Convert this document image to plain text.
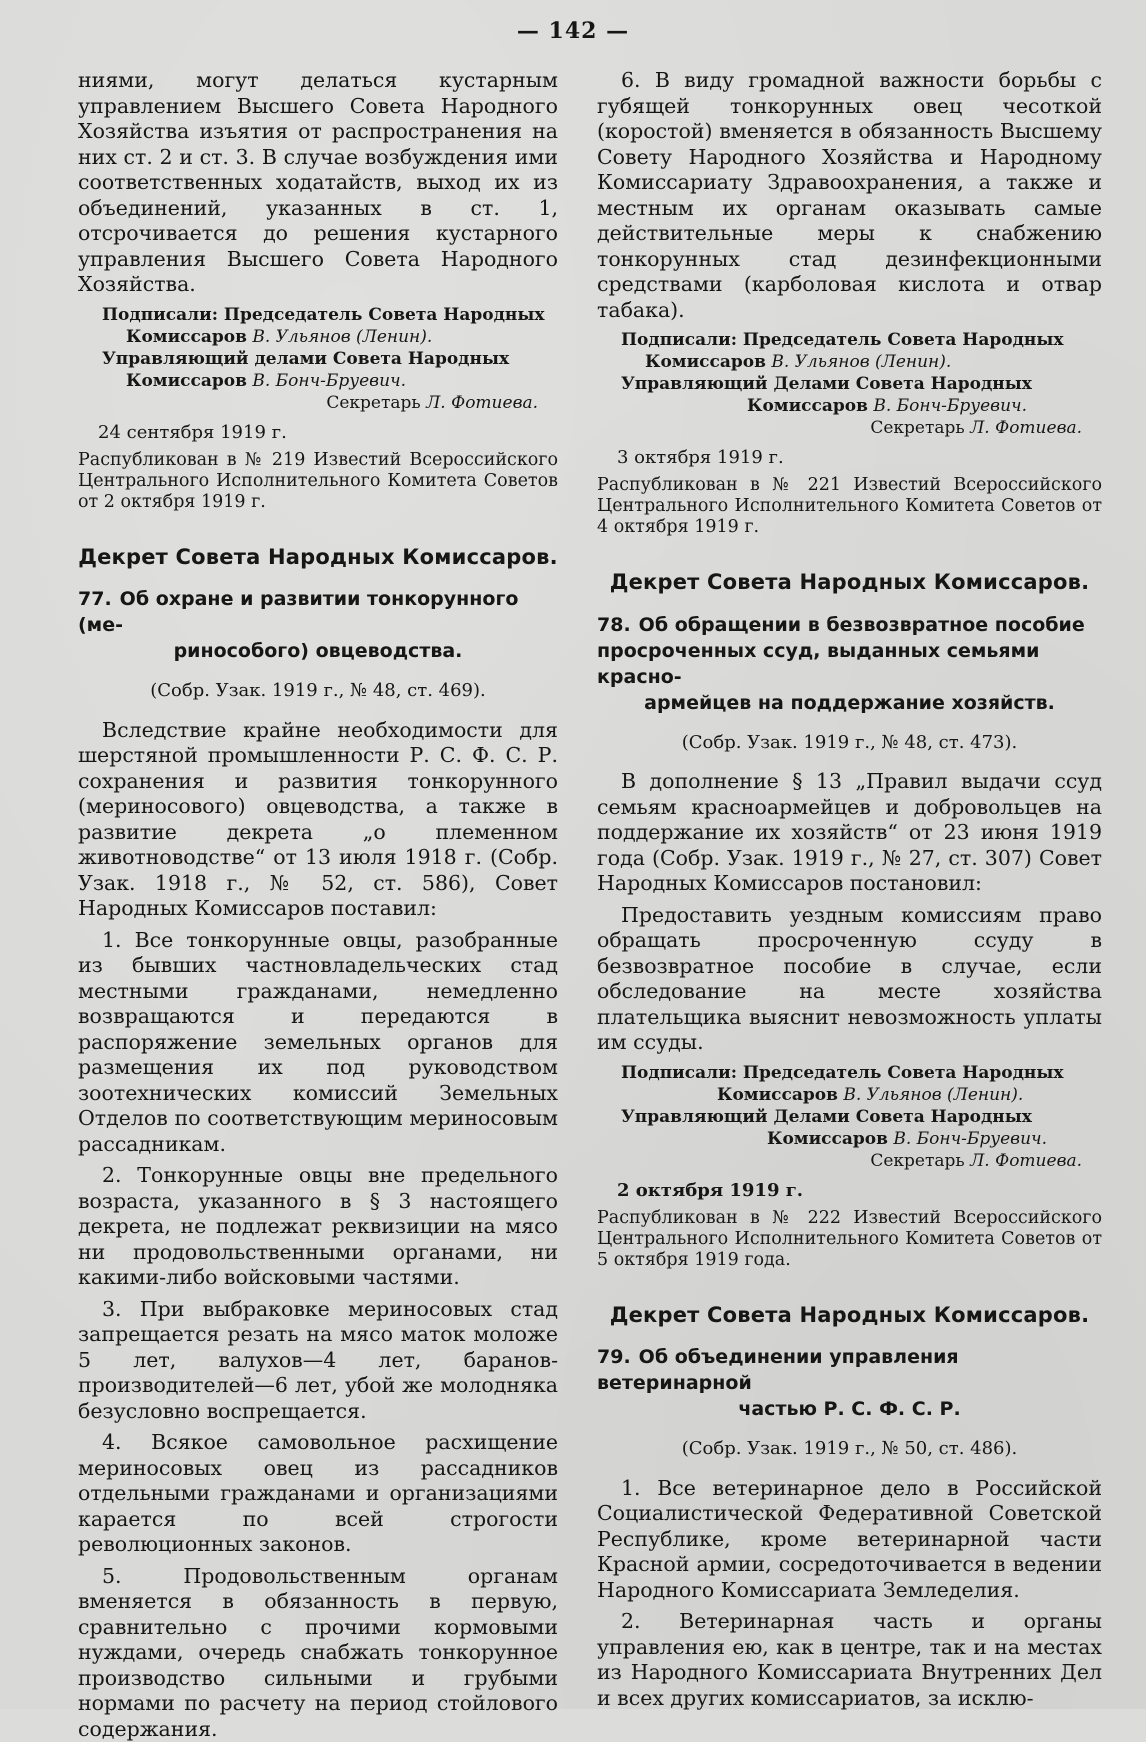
— 142 —

ниями, могут делаться кустарным управлением Высшего Совета Народного Хозяйства изъятия от распространения на них ст. 2 и ст. 3. В случае возбуждения ими соответственных ходатайств, выход их из объединений, указанных в ст. 1, отсрочивается до решения кустарного управления Высшего Совета Народного Хозяйства.

Подписали: Председатель Совета Народных
Комиссаров В. Ульянов (Ленин).
Управляющий делами Совета Народных
Комиссаров В. Бонч-Бруевич.
Секретарь Л. Фотиева.

24 сентября 1919 г.

Распубликован в № 219 Известий Всероссийского Центрального Исполнительного Комитета Советов от 2 октября 1919 г.

Декрет Совета Народных Комиссаров.
77. Об охране и развитии тонкорунного (ме-
ринособого) овцеводства.
(Собр. Узак. 1919 г., № 48, ст. 469).

Вследствие крайне необходимости для шерстяной промышленности Р. С. Ф. С. Р. сохранения и развития тонкорунного (мериносового) овцеводства, а также в развитие декрета „о племенном животноводстве“ от 13 июля 1918 г. (Собр. Узак. 1918 г., № 52, ст. 586), Совет Народных Комиссаров поставил:

1. Все тонкорунные овцы, разобранные из бывших частновладельческих стад местными гражданами, немедленно возвращаются и передаются в распоряжение земельных органов для размещения их под руководством зоотехнических комиссий Земельных Отделов по соответствующим мериносовым рассадникам.

2. Тонкорунные овцы вне предельного возраста, указанного в § 3 настоящего декрета, не подлежат реквизиции на мясо ни продовольственными органами, ни какими-либо войсковыми частями.

3. При выбраковке мериносовых стад запрещается резать на мясо маток моложе 5 лет, валухов—4 лет, баранов-производителей—6 лет, убой же молодняка безусловно воспрещается.

4. Всякое самовольное расхищение мериносовых овец из рассадников отдельными гражданами и организациями карается по всей строгости революционных законов.

5. Продовольственным органам вменяется в обязанность в первую, сравнительно с прочими кормовыми нуждами, очередь снабжать тонкорунное производство сильными и грубыми нормами по расчету на период стойлового содержания.

6. В виду громадной важности борьбы с губящей тонкорунных овец чесоткой (коростой) вменяется в обязанность Высшему Совету Народного Хозяйства и Народному Комиссариату Здравоохранения, а также и местным их органам оказывать самые действительные меры к снабжению тонкорунных стад дезинфекционными средствами (карболовая кислота и отвар табака).

Подписали: Председатель Совета Народных
Комиссаров В. Ульянов (Ленин).
Управляющий Делами Совета Народных
Комиссаров В. Бонч-Бруевич.
Секретарь Л. Фотиева.

3 октября 1919 г.

Распубликован в № 221 Известий Всероссийского Центрального Исполнительного Комитета Советов от 4 октября 1919 г.

Декрет Совета Народных Комиссаров.
78. Об обращении в безвозвратное пособие
просроченных ссуд, выданных семьями красно-
армейцев на поддержание хозяйств.
(Собр. Узак. 1919 г., № 48, ст. 473).

В дополнение § 13 „Правил выдачи ссуд семьям красноармейцев и добровольцев на поддержание их хозяйств“ от 23 июня 1919 года (Собр. Узак. 1919 г., № 27, ст. 307) Совет Народных Комиссаров постановил:

Предоставить уездным комиссиям право обращать просроченную ссуду в безвозвратное пособие в случае, если обследование на месте хозяйства плательщика выяснит невозможность уплаты им ссуды.

Подписали: Председатель Совета Народных
Комиссаров В. Ульянов (Ленин).
Управляющий Делами Совета Народных
Комиссаров В. Бонч-Бруевич.
Секретарь Л. Фотиева.

2 октября 1919 г.

Распубликован в № 222 Известий Всероссийского Центрального Исполнительного Комитета Советов от 5 октября 1919 года.

Декрет Совета Народных Комиссаров.
79. Об объединении управления ветеринарной
частью Р. С. Ф. С. Р.
(Собр. Узак. 1919 г., № 50, ст. 486).

1. Все ветеринарное дело в Российской Социалистической Федеративной Советской Республике, кроме ветеринарной части Красной армии, сосредоточивается в ведении Народного Комиссариата Земледелия.

2. Ветеринарная часть и органы управления ею, как в центре, так и на местах из Народного Комиссариата Внутренних Дел и всех других комиссариатов, за исклю-
